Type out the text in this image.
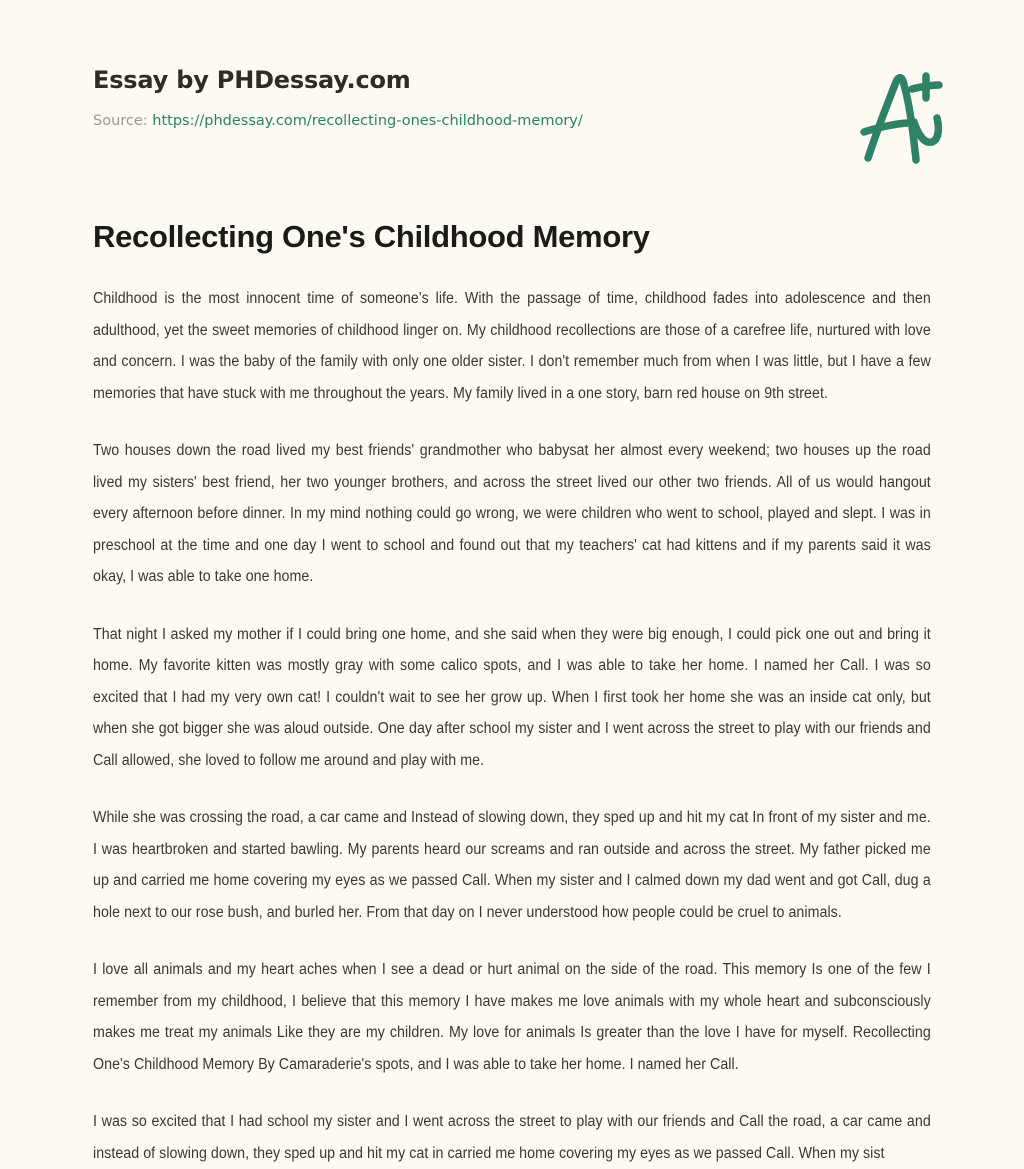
Essay by PHDessay.com
Source: https://phdessay.com/recollecting-ones-childhood-memory/
Recollecting One's Childhood Memory

Childhood is the most innocent time of someone's life. With the passage of time, childhood fades into adolescence and then adulthood, yet the sweet memories of childhood linger on. My childhood recollections are those of a carefree life, nurtured with love and concern. I was the baby of the family with only one older sister. I don't remember much from when I was little, but I have a few memories that have stuck with me throughout the years. My family lived in a one story, barn red house on 9th street.

Two houses down the road lived my best friends' grandmother who babysat her almost every weekend; two houses up the road lived my sisters' best friend, her two younger brothers, and across the street lived our other two friends. All of us would hangout every afternoon before dinner. In my mind nothing could go wrong, we were children who went to school, played and slept. I was in preschool at the time and one day I went to school and found out that my teachers' cat had kittens and if my parents said it was okay, I was able to take one home.

That night I asked my mother if I could bring one home, and she said when they were big enough, I could pick one out and bring it home. My favorite kitten was mostly gray with some calico spots, and I was able to take her home. I named her Call. I was so excited that I had my very own cat! I couldn't wait to see her grow up. When I first took her home she was an inside cat only, but when she got bigger she was aloud outside. One day after school my sister and I went across the street to play with our friends and Call allowed, she loved to follow me around and play with me.

While she was crossing the road, a car came and Instead of slowing down, they sped up and hit my cat In front of my sister and me. I was heartbroken and started bawling. My parents heard our screams and ran outside and across the street. My father picked me up and carried me home covering my eyes as we passed Call. When my sister and I calmed down my dad went and got Call, dug a hole next to our rose bush, and burled her. From that day on I never understood how people could be cruel to animals.

I love all animals and my heart aches when I see a dead or hurt animal on the side of the road. This memory Is one of the few I remember from my childhood, I believe that this memory I have makes me love animals with my whole heart and subconsciously makes me treat my animals Like they are my children. My love for animals Is greater than the love I have for myself. Recollecting One's Childhood Memory By Camaraderie's spots, and I was able to take her home. I named her Call.

I was so excited that I had school my sister and I went across the street to play with our friends and Call the road, a car came and instead of slowing down, they sped up and hit my cat in carried me home covering my eyes as we passed Call. When my sist
